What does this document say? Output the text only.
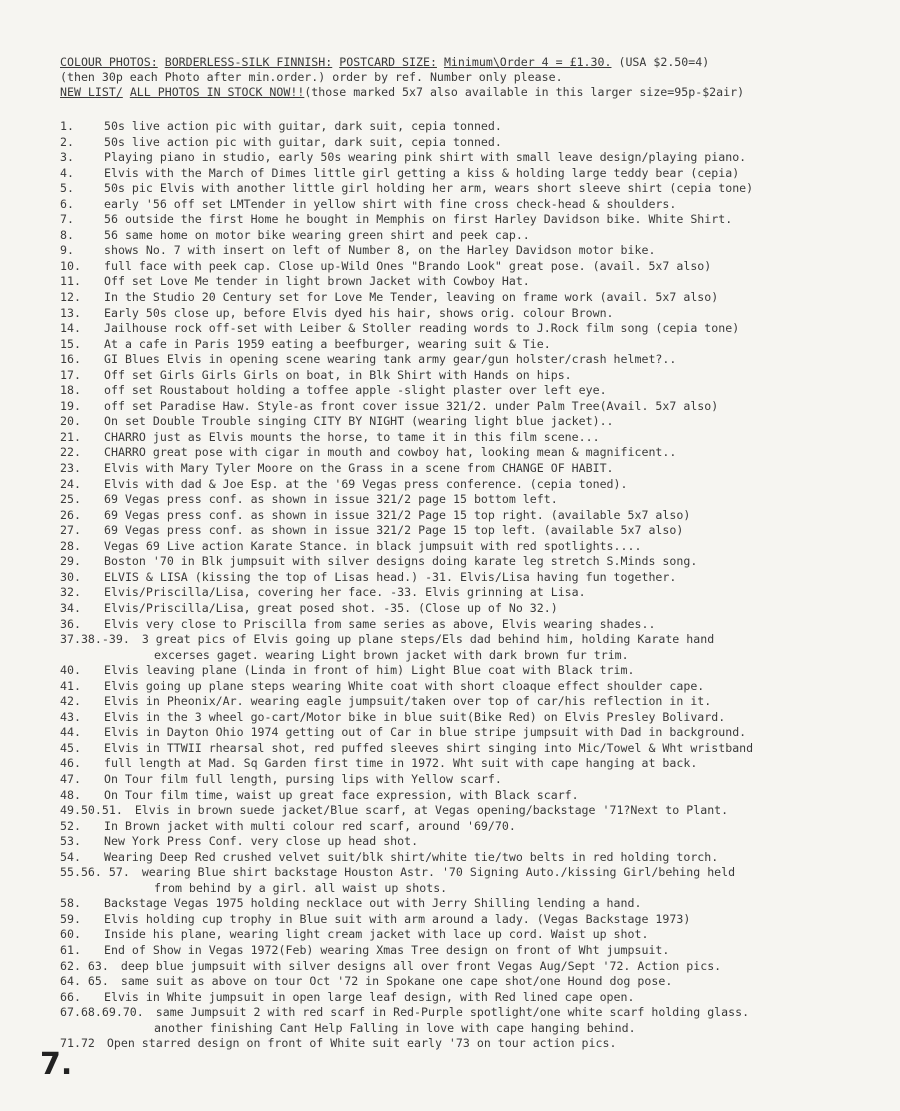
COLOUR PHOTOS: BORDERLESS-SILK FINNISH: POSTCARD SIZE: Minimum\Order 4 = £1.30. (USA $2.50=4)
(then 30p each Photo after min.order.) order by ref. Number only please.
NEW LIST/ ALL PHOTOS IN STOCK NOW!!(those marked 5x7 also available in this larger size=95p-$2air)
1.	50s live action pic with guitar, dark suit, cepia tonned.
2.	50s live action pic with guitar, dark suit, cepia tonned.
3.	Playing piano in studio, early 50s wearing pink shirt with small leave design/playing piano.
4.	Elvis with the March of Dimes little girl getting a kiss & holding large teddy bear (cepia)
5.	50s pic Elvis with another little girl holding her arm, wears short sleeve shirt (cepia tone)
6.	early '56 off set LMTender in yellow shirt with fine cross check-head & shoulders.
7.	56 outside the first Home he bought in Memphis on first Harley Davidson bike. White Shirt.
8.	56 same home on motor bike wearing green shirt and peek cap..
9.	shows No. 7 with insert on left of Number 8, on the Harley Davidson motor bike.
10.	full face with peek cap. Close up-Wild Ones "Brando Look" great pose. (avail. 5x7 also)
11.	Off set Love Me tender in light brown Jacket with Cowboy Hat.
12.	In the Studio 20 Century set for Love Me Tender, leaving on frame work (avail. 5x7 also)
13.	Early 50s close up, before Elvis dyed his hair, shows orig. colour Brown.
14.	Jailhouse rock off-set with Leiber & Stoller reading words to J.Rock film song (cepia tone)
15.	At a cafe in Paris 1959 eating a beefburger, wearing suit & Tie.
16.	GI Blues Elvis in opening scene wearing tank army gear/gun holster/crash helmet?..
17.	Off set Girls Girls Girls on boat, in Blk Shirt with Hands on hips.
18.	off set Roustabout holding a toffee apple -slight plaster over left eye.
19.	off set Paradise Haw. Style-as front cover issue 321/2. under Palm Tree(Avail. 5x7 also)
20.	On set Double Trouble singing CITY BY NIGHT (wearing light blue jacket)..
21.	CHARRO just as Elvis mounts the horse, to tame it in this film scene...
22.	CHARRO great pose with cigar in mouth and cowboy hat, looking mean & magnificent..
23.	Elvis with Mary Tyler Moore on the Grass in a scene from CHANGE OF HABIT.
24.	Elvis with dad & Joe Esp. at the '69 Vegas press conference. (cepia toned).
25.	69 Vegas press conf. as shown in issue 321/2 page 15 bottom left.
26.	69 Vegas press conf. as shown in issue 321/2 Page 15 top right. (available 5x7 also)
27.	69 Vegas press conf. as shown in issue 321/2 Page 15 top left. (available 5x7 also)
28.	Vegas 69 Live action Karate Stance. in black jumpsuit with red spotlights....
29.	Boston '70 in Blk jumpsuit with silver designs doing karate leg stretch S.Minds song.
30.	ELVIS & LISA (kissing the top of Lisas head.) -31. Elvis/Lisa having fun together.
32.	Elvis/Priscilla/Lisa, covering her face. -33. Elvis grinning at Lisa.
34.	Elvis/Priscilla/Lisa, great posed shot. -35. (Close up of No 32.)
36.	Elvis very close to Priscilla from same series as above, Elvis wearing shades..
37.38.-39.	3 great pics of Elvis going up plane steps/Els dad behind him, holding Karate hand
excerses gaget. wearing Light brown jacket with dark brown fur trim.
40.	Elvis leaving plane (Linda in front of him) Light Blue coat with Black trim.
41.	Elvis going up plane steps wearing White coat with short cloaque effect shoulder cape.
42.	Elvis in Pheonix/Ar. wearing eagle jumpsuit/taken over top of car/his reflection in it.
43.	Elvis in the 3 wheel go-cart/Motor bike in blue suit(Bike Red) on Elvis Presley Bolivard.
44.	Elvis in Dayton Ohio 1974 getting out of Car in blue stripe jumpsuit with Dad in background.
45.	Elvis in TTWII rhearsal shot, red puffed sleeves shirt singing into Mic/Towel & Wht wristband
46.	full length at Mad. Sq Garden first time in 1972. Wht suit with cape hanging at back.
47.	On Tour film full length, pursing lips with Yellow scarf.
48.	On Tour film time, waist up great face expression, with Black scarf.
49.50.51.	Elvis in brown suede jacket/Blue scarf, at Vegas opening/backstage '71?Next to Plant.
52.	In Brown jacket with multi colour red scarf, around '69/70.
53.	New York Press Conf. very close up head shot.
54.	Wearing Deep Red crushed velvet suit/blk shirt/white tie/two belts in red holding torch.
55.56. 57.	wearing Blue shirt backstage Houston Astr. '70 Signing Auto./kissing Girl/behing held
from behind by a girl. all waist up shots.
58.	Backstage Vegas 1975 holding necklace out with Jerry Shilling lending a hand.
59.	Elvis holding cup trophy in Blue suit with arm around a lady. (Vegas Backstage 1973)
60.	Inside his plane, wearing light cream jacket with lace up cord. Waist up shot.
61.	End of Show in Vegas 1972(Feb) wearing Xmas Tree design on front of Wht jumpsuit.
62. 63.	deep blue jumpsuit with silver designs all over front Vegas Aug/Sept '72. Action pics.
64. 65.	same suit as above on tour Oct '72 in Spokane one cape shot/one Hound dog pose.
66.	Elvis in White jumpsuit in open large leaf design, with Red lined cape open.
67.68.69.70.	same Jumpsuit 2 with red scarf in Red-Purple spotlight/one white scarf holding glass.
another finishing Cant Help Falling in love with cape hanging behind.
71.72	Open starred design on front of White suit early '73 on tour action pics.
7.
